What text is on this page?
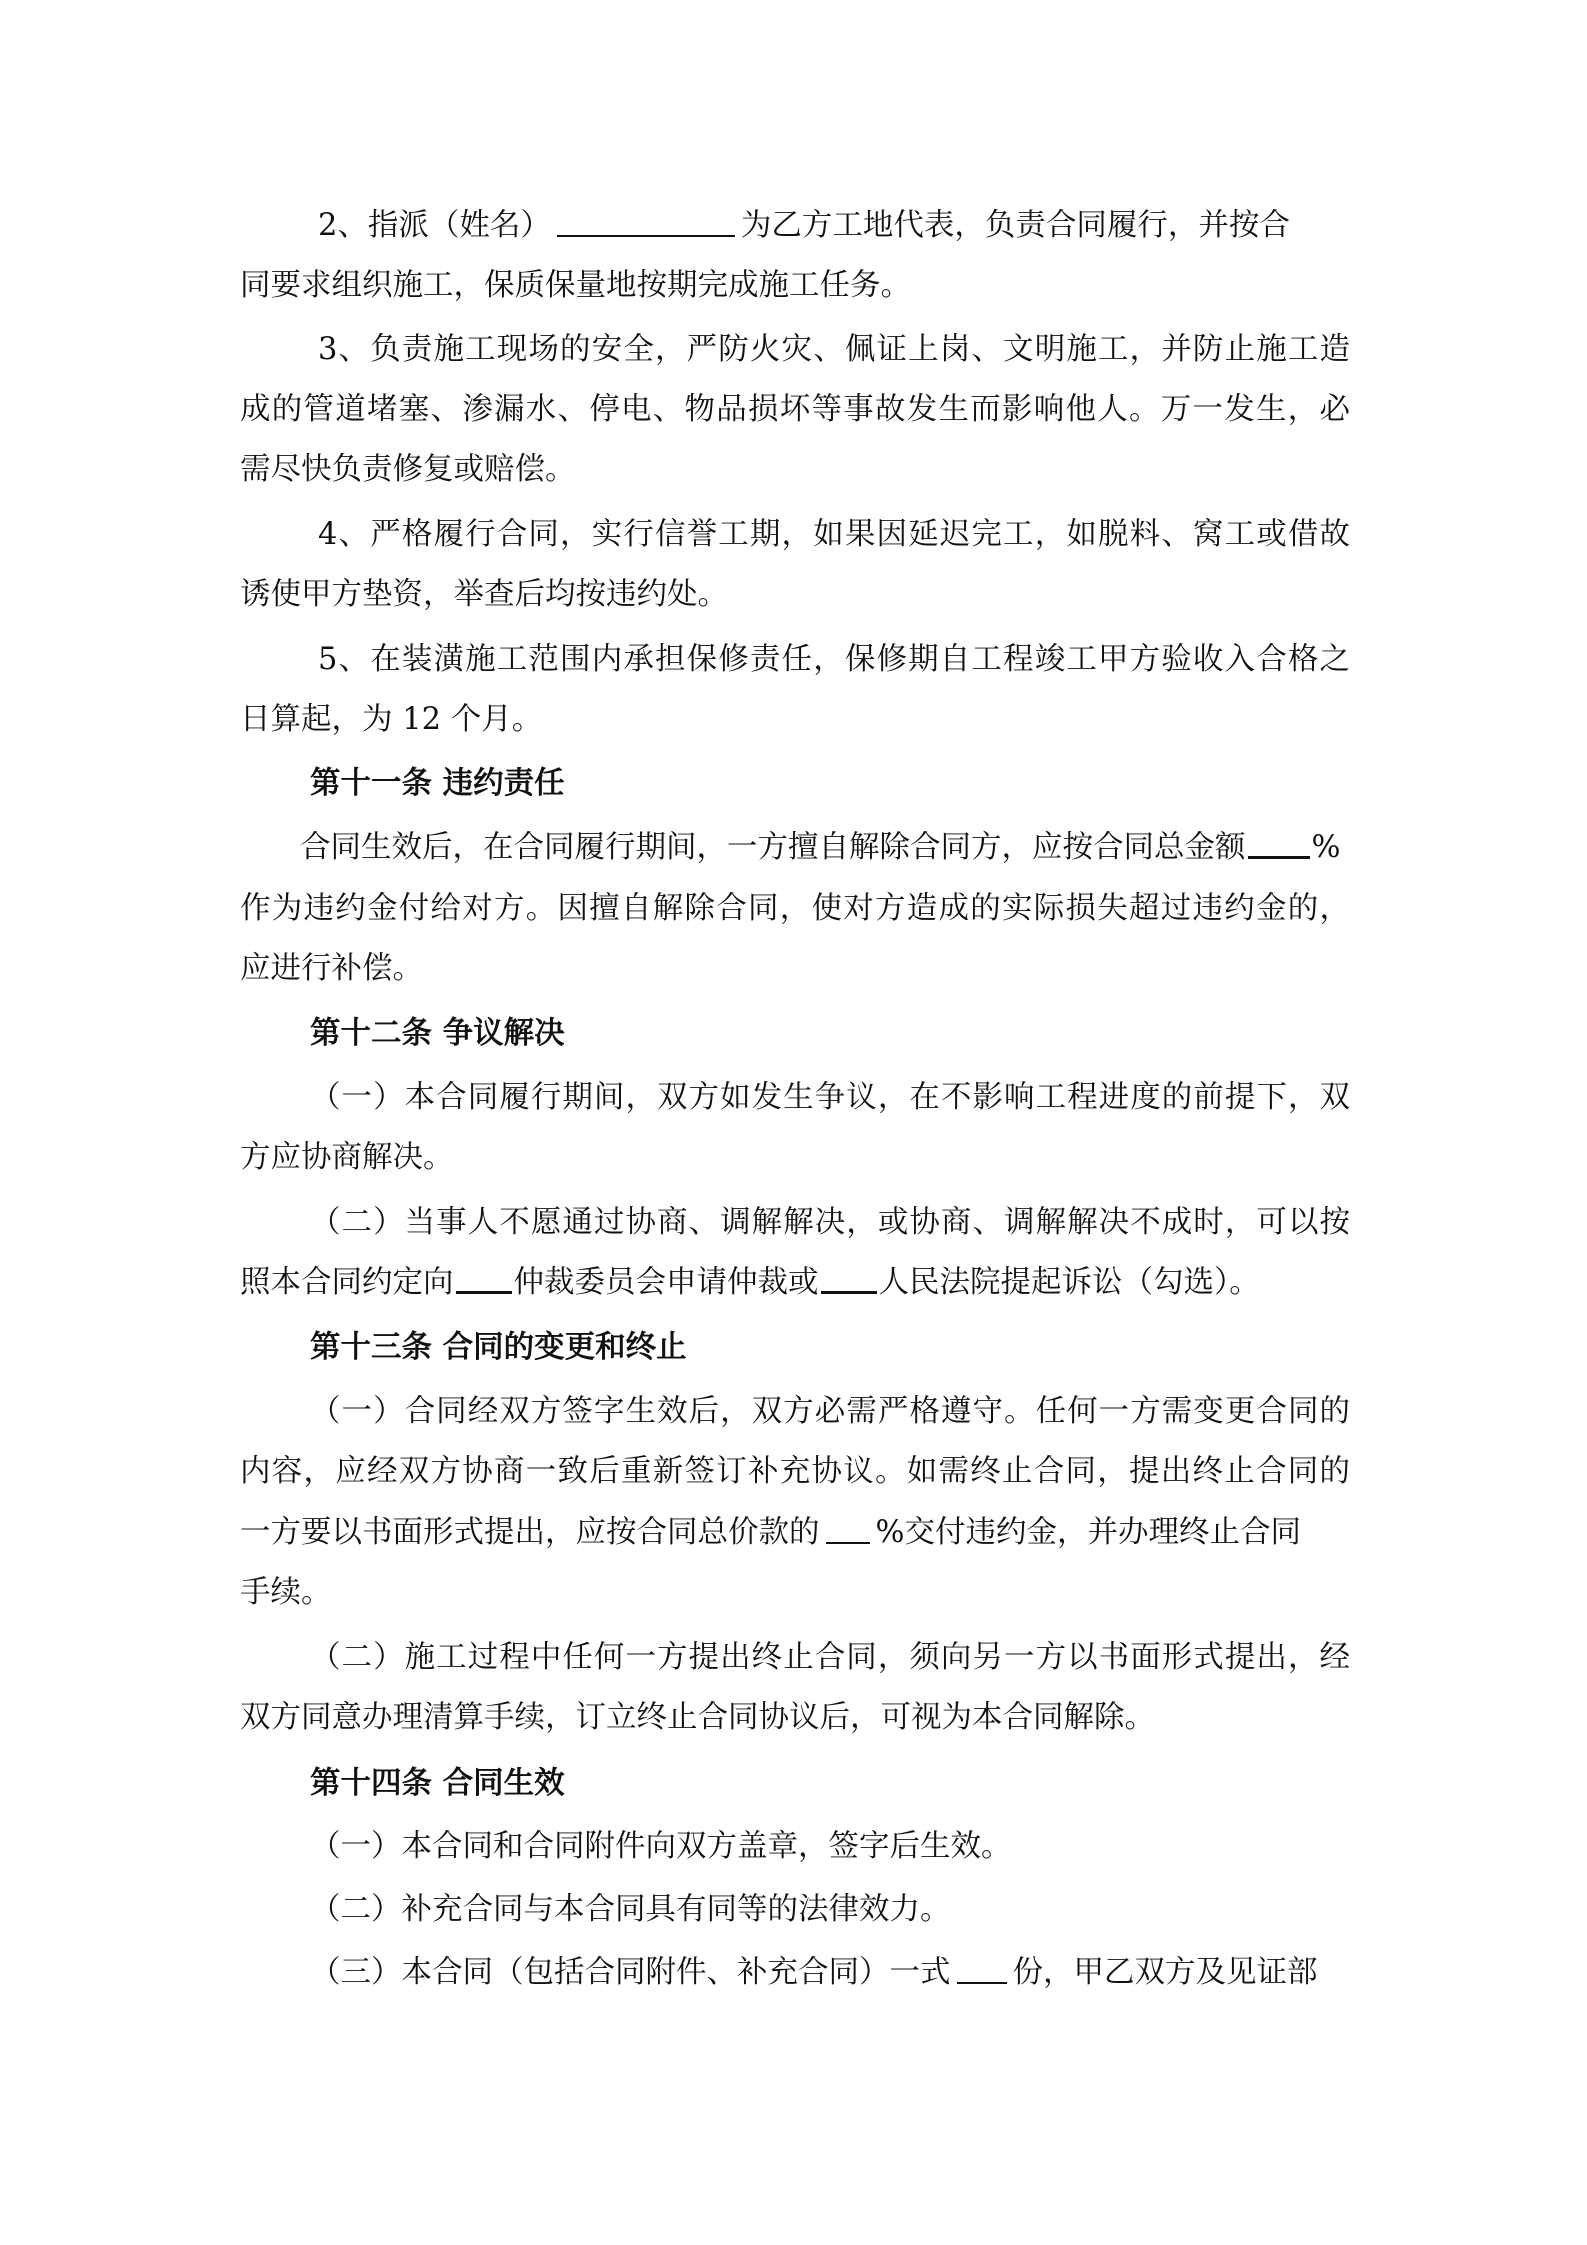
2、指派（姓名）	为乙方工地代表，负责合同履行，并按合
同要求组织施工，保质保量地按期完成施工任务。
3、负责施工现场的安全，严防火灾、佩证上岗、文明施工，并防止施工造
成的管道堵塞、渗漏水、停电、物品损坏等事故发生而影响他人。万一发生，必
需尽快负责修复或赔偿。
4、严格履行合同，实行信誉工期，如果因延迟完工，如脱料、窝工或借故
诱使甲方垫资，举查后均按违约处。
5、在装潢施工范围内承担保修责任，保修期自工程竣工甲方验收入合格之
日算起，为 12 个月。
第十一条 违约责任
合同生效后，在合同履行期间，一方擅自解除合同方，应按合同总金额 %
作为违约金付给对方。因擅自解除合同，使对方造成的实际损失超过违约金的，
应进行补偿。
第十二条 争议解决
（一）本合同履行期间，双方如发生争议，在不影响工程进度的前提下，双
方应协商解决。
（二）当事人不愿通过协商、调解解决，或协商、调解解决不成时，可以按
照本合同约定向 仲裁委员会申请仲裁或 人民法院提起诉讼（勾选）。
第十三条 合同的变更和终止
（一）合同经双方签字生效后，双方必需严格遵守。任何一方需变更合同的
内容，应经双方协商一致后重新签订补充协议。如需终止合同，提出终止合同的
一方要以书面形式提出，应按合同总价款的 %交付违约金，并办理终止合同
手续。
（二）施工过程中任何一方提出终止合同，须向另一方以书面形式提出，经
双方同意办理清算手续，订立终止合同协议后，可视为本合同解除。
第十四条 合同生效
（一）本合同和合同附件向双方盖章，签字后生效。
（二）补充合同与本合同具有同等的法律效力。
（三）本合同（包括合同附件、补充合同）一式 份，甲乙双方及见证部
